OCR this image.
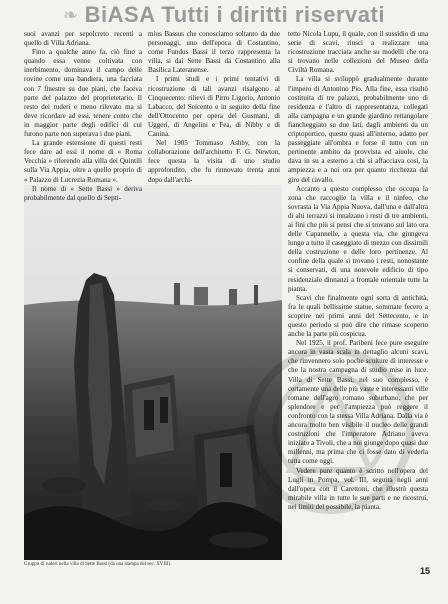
❧ BiASA Tutti i diritti riservati

suoi avanzi per sepolcreto recenti a quello di Villa Adriana.

Fino a qualche anno fa, ciò fino a quando essa venne coltivata con inerbimento, dominava il campo delle rovine come una bandiera, una facciata con 7 finestre su due piani, che faceva parte del palazzo del proprietetario. Il resto dei ruderi e meno rilevato ma si deve ricordare ad essi, tenere conto che in maggior parte degli edifici di cui furono parte non superava i due piani.

La grande estensione di questi resti fece dare ad essi il nome di « Roma Vecchia » riferendo alla villa dei Quintili sulla Via Appia, oltre a quello proprio di « Palazzo di Lucrezia Romana ».

Il nome di « Sette Bassi » deriva probabilmente dal quello di Septi-

mius Bassus che conosciamo soltanto da due personaggi, uno dell'epoca di Costantino, come Fundus Bassi il terzo rappresenta la villa, si dai Sette Bassi da Costantino alla Basilica Lateranense.

I primi studi e i primi tentativi di ricostruzione di tali avanzi risalgono al Cinquecento: rilievi di Pirro Ligorio, Antonio Labacco, del Seicento e in seguito della fine dell'Ottocento per opera del Gusmani, di Uggeri, di Angelini e Fea, di Nibby e di Canina.

Nel 1905 Tommaso Ashby, con la collaborazione dell'architetto F. G. Newton, fece questa la visita di uno studio approfondito, che fu rinnovato trenta anni dopo dall'archi-

tetto Nicola Lupu, il quale, con il sussidio di una serie di scavi, riuscì a realizzare una ricostruzione tracciata anche su modelli che ora si trovano nelle collezioni del Museo della Civiltà Romana.

La villa si sviluppò gradualmente durante l'impero di Antonino Pio. Alla fine, essa risultò costituita di tre palazzi, probabilmente uno di residenza e l'altro di rappresentanza, collegati alla campagna e un grande giardino rettangolare fiancheggiato su due lati, dagli ambienti da un criptoportico, questo quasi all'interno, adatto per passeggiate all'ombra e forse il tutto con un pertinente ambito da provvista ed aiuole, che dava in su a esterno a chi si affacciava così, la ampiezza e a noi ora per quanto ricchezza dal giro del cavallo.

Accanto a questo complesso che occupa la zona che raccoglie la villa e il ninfeo, che sovrasta la Via Appia Nuova, dall'una e dall'altra di alti terrazzi si innalzano i resti di tre ambienti, ai fini che più si pensi che si trovano sul lato ora delle Capannelle, a questa via, che giungeva lungo a tutto il caseggiato di mezzo con dissimili della costruzione e delle loro pertinenze. Al confine della quale si trovano i resti, nonostante si conservati, di una notevole edificio di tipo residenziale dinnanzi a frontale orientale tutte la pianta.

Scavi che finalmente ogni sorta di antichità, fra le quali bellissime statue, sommate fecero a scoprire nei primi anni del Settecento, e in questo periodo si può dire che rimase scoperto anche la parte più cospicua.

Nel 1925, il prof. Paribeni fece pure eseguire ancora in vasta scala in dettaglio alcuni scavi, che rinvennero solo poche sculture di interesse e che la nostra campagna di studio mise in luce. Villa di Sette Bassi, nel suo complesso, è certamente una delle più vaste e interessanti ville romane dell'agro romano suburbano, che per splendore e per l'ampiezza può reggere il confronto con la stessa Villa Adriana. Dalla via è ancora molto ben visibile il nucleo delle grandi costruzioni che l'imperatore Adriano aveva iniziato a Tivoli, che a noi giunge dopo quasi due millenni, ma prima che ci fosse dato di vederla tutta come oggi.

Vedere pure quanto è scritto nell'opera del Lugli in Pompa, vol. III, seguita negli anni dall'opera con il Carettoni, che illustrò questa mirabile villa in tutte le sue parti e ne ricostruì, nei limiti del possibile, la pianta.

Gruppo di ruderi nella villa di Sette Bassi (da una stampa del sec. XVIII).
15
